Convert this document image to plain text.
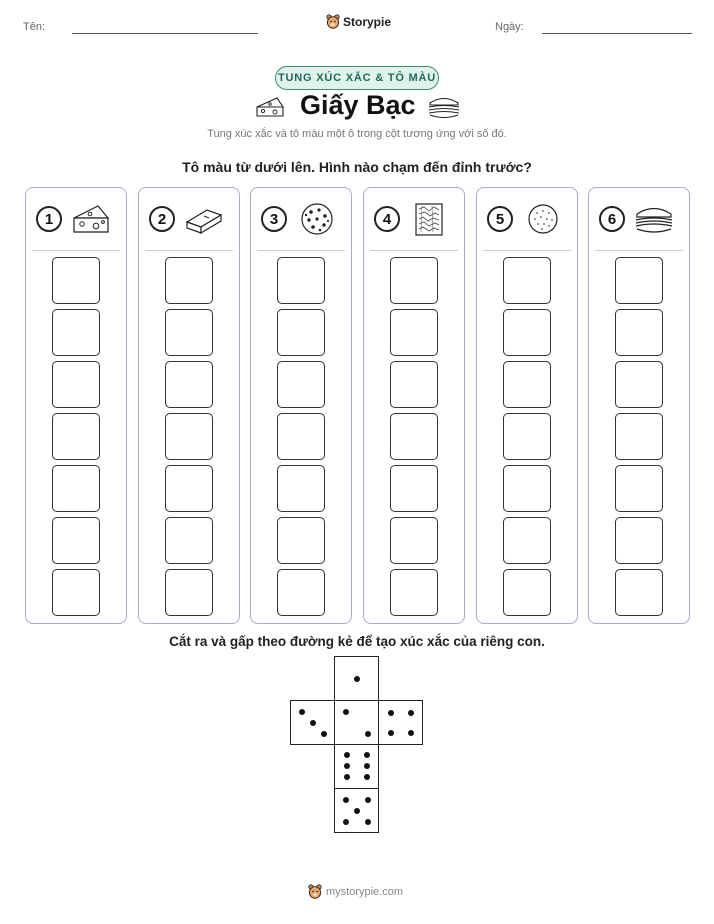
Tên:	Storypie	Ngày:
TUNG XÚC XẮC & TÔ MÀU
Giấy Bạc
Tung xúc xắc và tô màu một ô trong cột tương ứng với số đó.
Tô màu từ dưới lên. Hình nào chạm đến đỉnh trước?
1	2	3	4	5	6
Cắt ra và gấp theo đường kẻ để tạo xúc xắc của riêng con.
mystorypie.com
